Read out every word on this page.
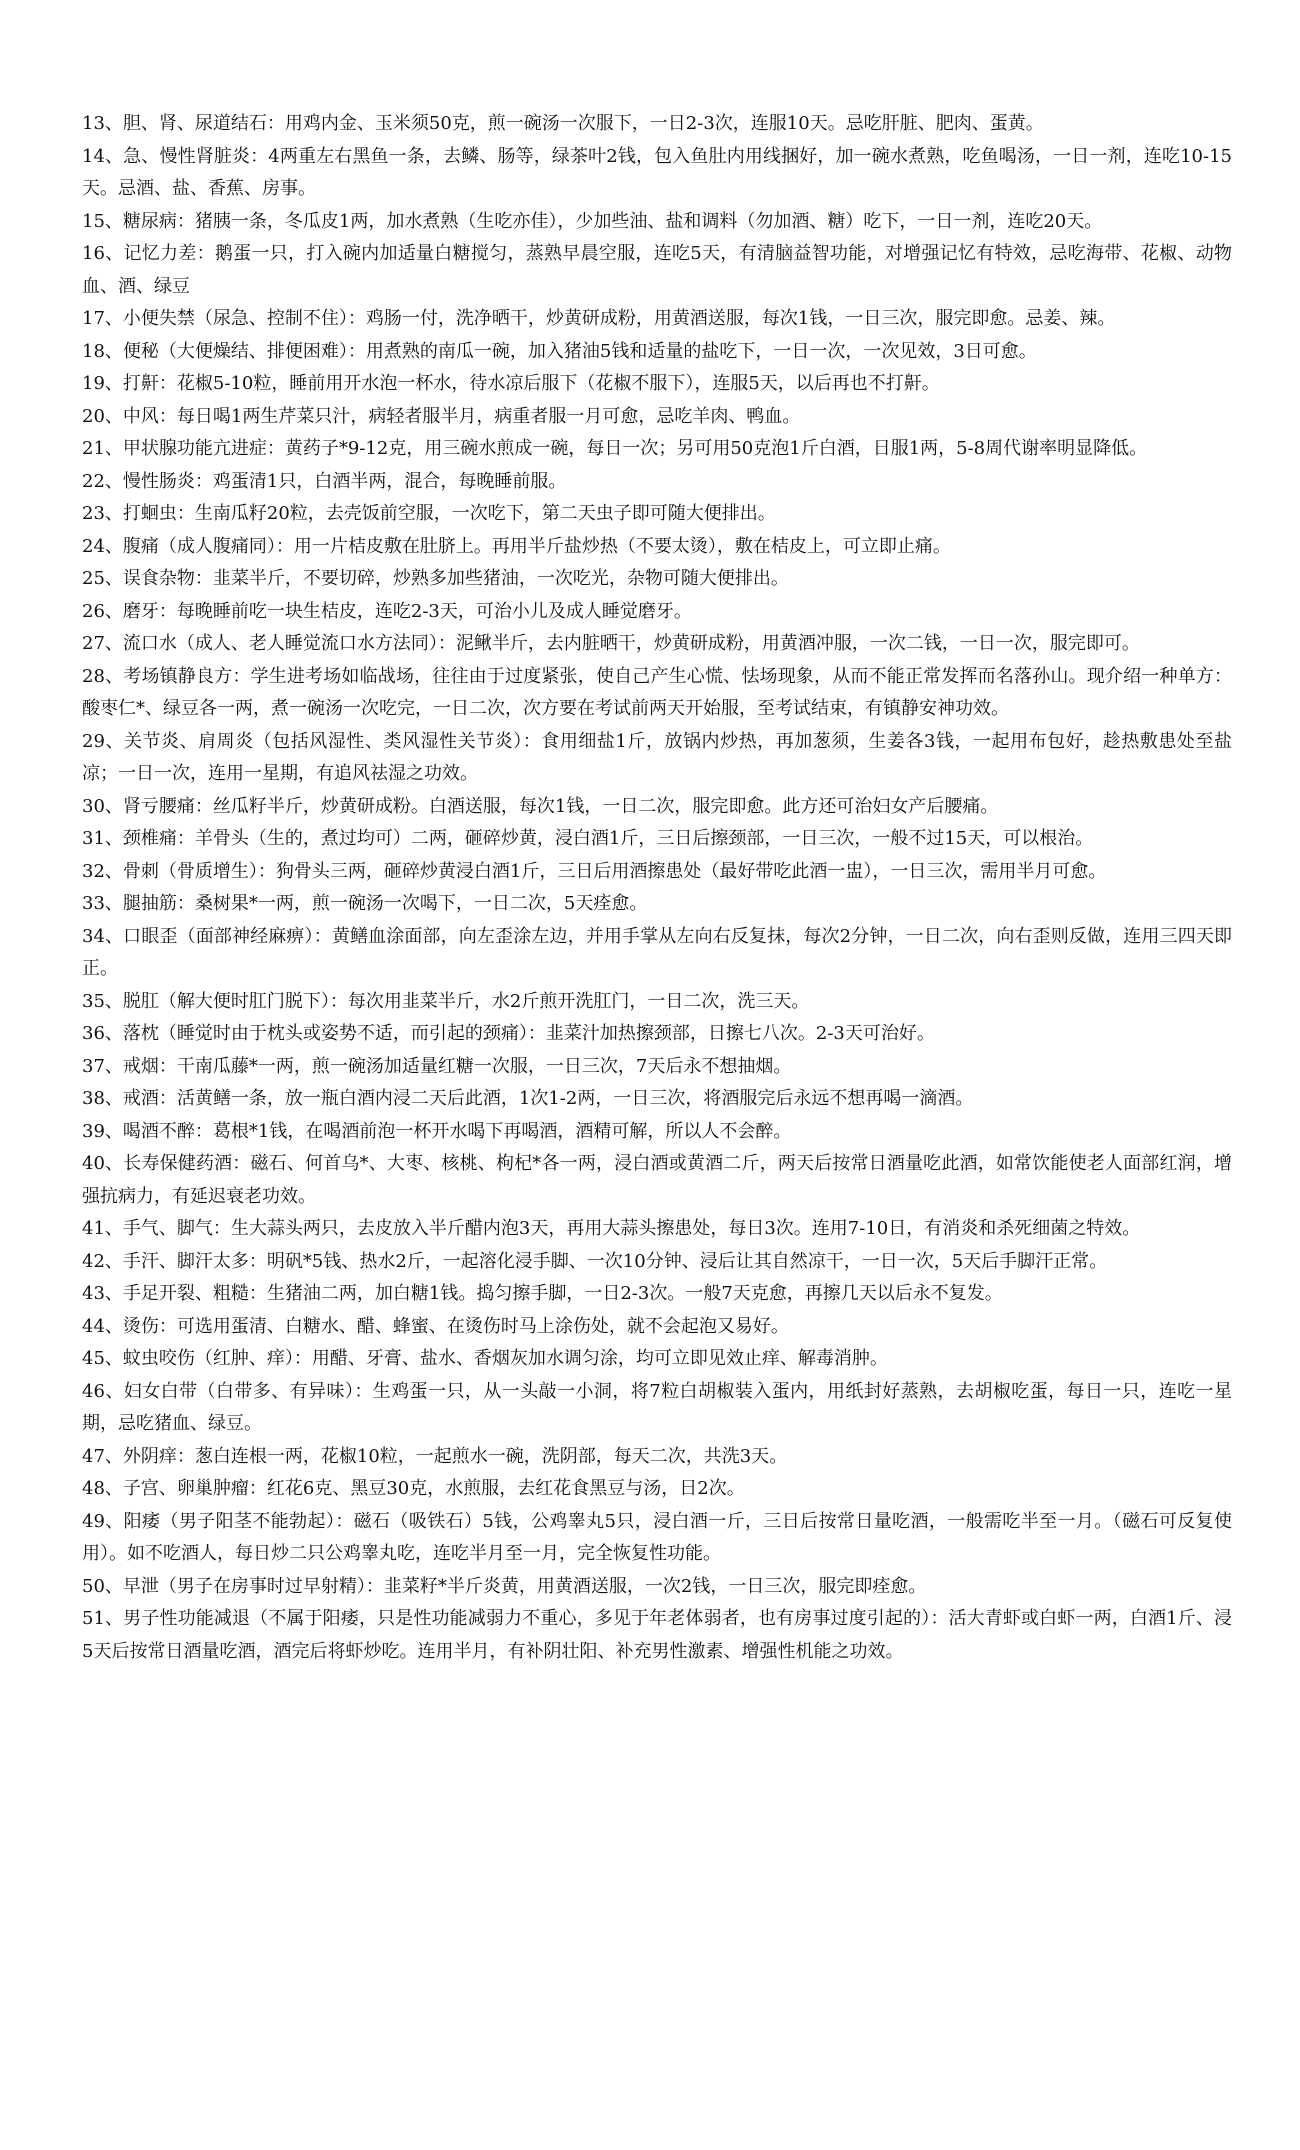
13、胆、肾、尿道结石：用鸡内金、玉米须50克，煎一碗汤一次服下，一日2-3次，连服10天。忌吃肝脏、肥肉、蛋黄。

14、急、慢性肾脏炎：4两重左右黑鱼一条，去鳞、肠等，绿茶叶2钱，包入鱼肚内用线捆好，加一碗水煮熟，吃鱼喝汤，一日一剂，连吃10-15天。忌酒、盐、香蕉、房事。

15、糖尿病：猪胰一条，冬瓜皮1两，加水煮熟（生吃亦佳），少加些油、盐和调料（勿加酒、糖）吃下，一日一剂，连吃20天。

16、记忆力差：鹅蛋一只，打入碗内加适量白糖搅匀，蒸熟早晨空服，连吃5天，有清脑益智功能，对增强记忆有特效，忌吃海带、花椒、动物血、酒、绿豆

17、小便失禁（尿急、控制不住）：鸡肠一付，洗净晒干，炒黄研成粉，用黄酒送服，每次1钱，一日三次，服完即愈。忌姜、辣。

18、便秘（大便燥结、排便困难）：用煮熟的南瓜一碗，加入猪油5钱和适量的盐吃下，一日一次，一次见效，3日可愈。

19、打鼾：花椒5-10粒，睡前用开水泡一杯水，待水凉后服下（花椒不服下），连服5天，以后再也不打鼾。

20、中风：每日喝1两生芹菜只汁，病轻者服半月，病重者服一月可愈，忌吃羊肉、鸭血。

21、甲状腺功能亢进症：黄药子*9-12克，用三碗水煎成一碗，每日一次；另可用50克泡1斤白酒，日服1两，5-8周代谢率明显降低。

22、慢性肠炎：鸡蛋清1只，白酒半两，混合，每晚睡前服。

23、打蛔虫：生南瓜籽20粒，去壳饭前空服，一次吃下，第二天虫子即可随大便排出。

24、腹痛（成人腹痛同）：用一片桔皮敷在肚脐上。再用半斤盐炒热（不要太烫），敷在桔皮上，可立即止痛。

25、误食杂物：韭菜半斤，不要切碎，炒熟多加些猪油，一次吃光，杂物可随大便排出。

26、磨牙：每晚睡前吃一块生桔皮，连吃2-3天，可治小儿及成人睡觉磨牙。

27、流口水（成人、老人睡觉流口水方法同）：泥鳅半斤，去内脏晒干，炒黄研成粉，用黄酒冲服，一次二钱，一日一次，服完即可。

28、考场镇静良方：学生进考场如临战场，往往由于过度紧张，使自己产生心慌、怯场现象，从而不能正常发挥而名落孙山。现介绍一种单方：酸枣仁*、绿豆各一两，煮一碗汤一次吃完，一日二次，次方要在考试前两天开始服，至考试结束，有镇静安神功效。

29、关节炎、肩周炎（包括风湿性、类风湿性关节炎）：食用细盐1斤，放锅内炒热，再加葱须，生姜各3钱，一起用布包好，趁热敷患处至盐凉；一日一次，连用一星期，有追风祛湿之功效。

30、肾亏腰痛：丝瓜籽半斤，炒黄研成粉。白酒送服，每次1钱，一日二次，服完即愈。此方还可治妇女产后腰痛。

31、颈椎痛：羊骨头（生的，煮过均可）二两，砸碎炒黄，浸白酒1斤，三日后擦颈部，一日三次，一般不过15天，可以根治。

32、骨刺（骨质增生）：狗骨头三两，砸碎炒黄浸白酒1斤，三日后用酒擦患处（最好带吃此酒一盅），一日三次，需用半月可愈。

33、腿抽筋：桑树果*一两，煎一碗汤一次喝下，一日二次，5天痊愈。

34、口眼歪（面部神经麻痹）：黄鳝血涂面部，向左歪涂左边，并用手掌从左向右反复抹，每次2分钟，一日二次，向右歪则反做，连用三四天即正。

35、脱肛（解大便时肛门脱下）：每次用韭菜半斤，水2斤煎开洗肛门，一日二次，洗三天。

36、落枕（睡觉时由于枕头或姿势不适，而引起的颈痛）：韭菜汁加热擦颈部，日擦七八次。2-3天可治好。

37、戒烟：干南瓜藤*一两，煎一碗汤加适量红糖一次服，一日三次，7天后永不想抽烟。

38、戒酒：活黄鳝一条，放一瓶白酒内浸二天后此酒，1次1-2两，一日三次，将酒服完后永远不想再喝一滴酒。

39、喝酒不醉：葛根*1钱，在喝酒前泡一杯开水喝下再喝酒，酒精可解，所以人不会醉。

40、长寿保健药酒：磁石、何首乌*、大枣、核桃、枸杞*各一两，浸白酒或黄酒二斤，两天后按常日酒量吃此酒，如常饮能使老人面部红润，增强抗病力，有延迟衰老功效。

41、手气、脚气：生大蒜头两只，去皮放入半斤醋内泡3天，再用大蒜头擦患处，每日3次。连用7-10日，有消炎和杀死细菌之特效。

42、手汗、脚汗太多：明矾*5钱、热水2斤，一起溶化浸手脚、一次10分钟、浸后让其自然凉干，一日一次，5天后手脚汗正常。

43、手足开裂、粗糙：生猪油二两，加白糖1钱。捣匀擦手脚，一日2-3次。一般7天克愈，再擦几天以后永不复发。

44、烫伤：可选用蛋清、白糖水、醋、蜂蜜、在烫伤时马上涂伤处，就不会起泡又易好。

45、蚊虫咬伤（红肿、痒）：用醋、牙膏、盐水、香烟灰加水调匀涂，均可立即见效止痒、解毒消肿。

46、妇女白带（白带多、有异味）：生鸡蛋一只，从一头敲一小洞，将7粒白胡椒装入蛋内，用纸封好蒸熟，去胡椒吃蛋，每日一只，连吃一星期，忌吃猪血、绿豆。

47、外阴痒：葱白连根一两，花椒10粒，一起煎水一碗，洗阴部，每天二次，共洗3天。

48、子宫、卵巢肿瘤：红花6克、黑豆30克，水煎服，去红花食黑豆与汤，日2次。

49、阳痿（男子阳茎不能勃起）：磁石（吸铁石）5钱，公鸡睾丸5只，浸白酒一斤，三日后按常日量吃酒，一般需吃半至一月。（磁石可反复使用）。如不吃酒人，每日炒二只公鸡睾丸吃，连吃半月至一月，完全恢复性功能。

50、早泄（男子在房事时过早射精）：韭菜籽*半斤炎黄，用黄酒送服，一次2钱，一日三次，服完即痊愈。

51、男子性功能减退（不属于阳痿，只是性功能减弱力不重心，多见于年老体弱者，也有房事过度引起的）：活大青虾或白虾一两，白酒1斤、浸5天后按常日酒量吃酒，酒完后将虾炒吃。连用半月，有补阴壮阳、补充男性激素、增强性机能之功效。
